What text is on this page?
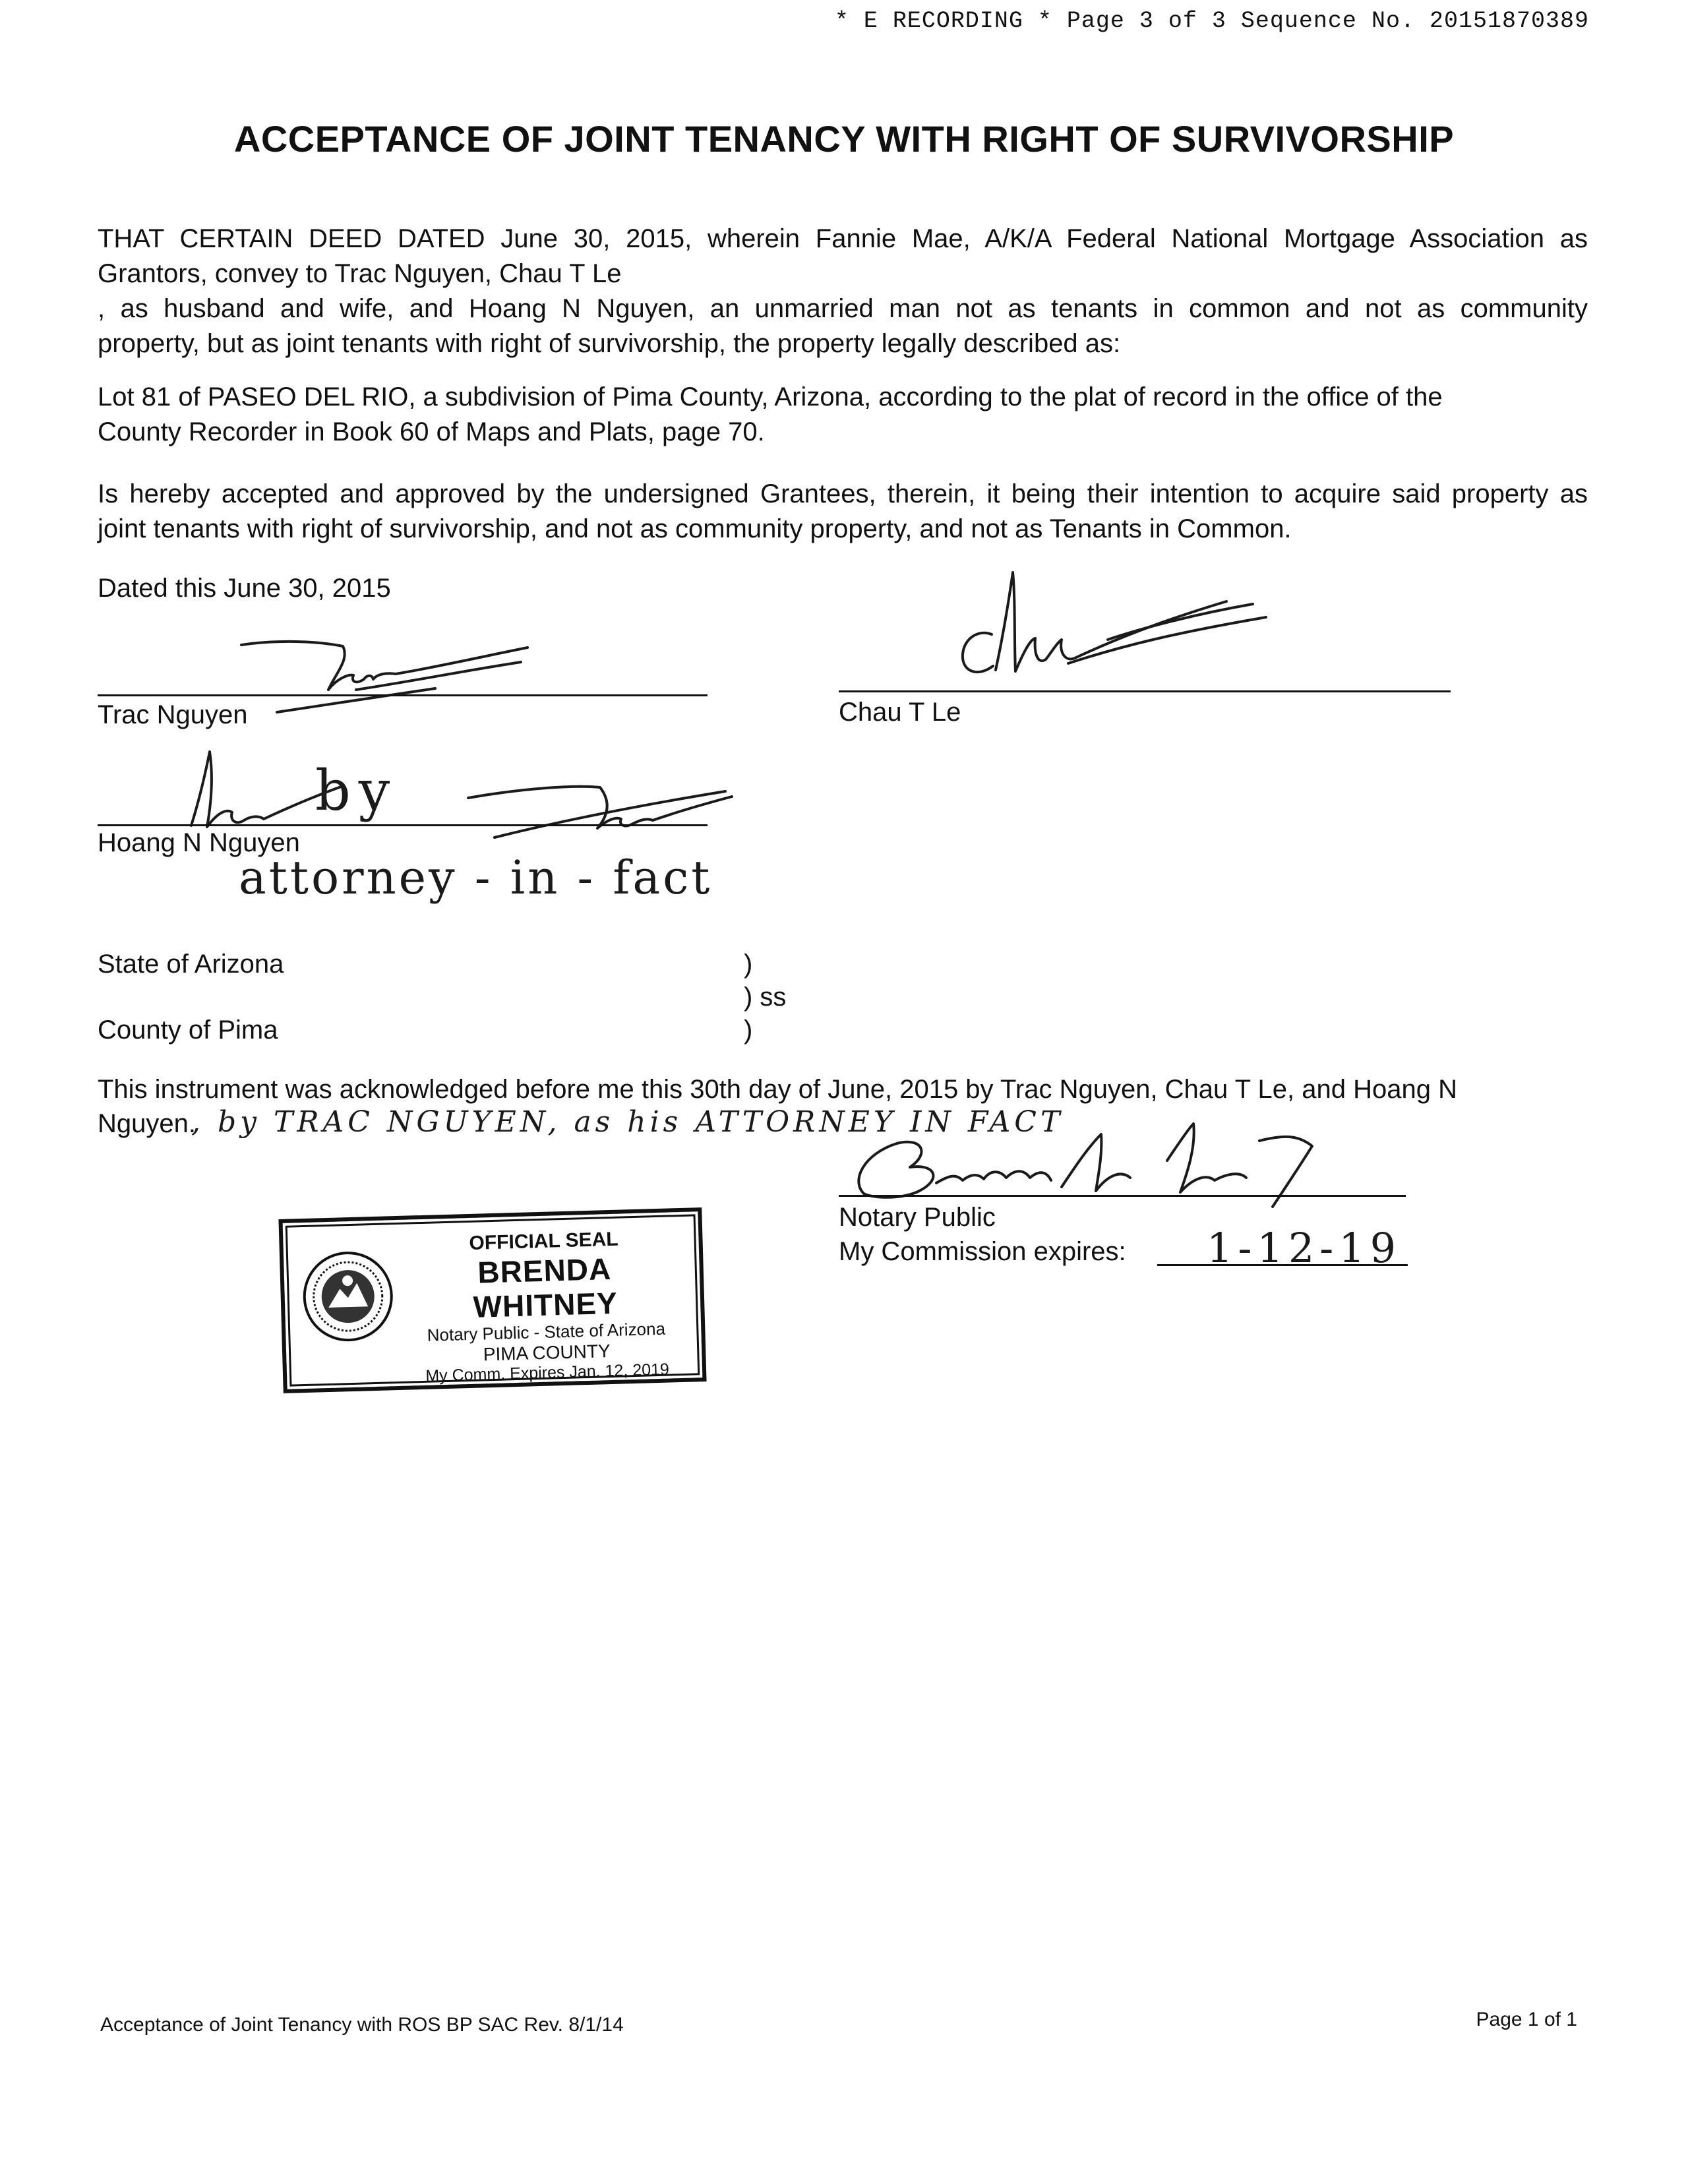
* E RECORDING * Page 3 of 3 Sequence No. 20151870389
ACCEPTANCE OF JOINT TENANCY WITH RIGHT OF SURVIVORSHIP

THAT CERTAIN DEED DATED June 30, 2015, wherein Fannie Mae, A/K/A Federal National Mortgage Association as

Grantors, convey to Trac Nguyen, Chau T Le

, as husband and wife, and Hoang N Nguyen, an unmarried man not as tenants in common and not as community

property, but as joint tenants with right of survivorship, the property legally described as:

Lot 81 of PASEO DEL RIO, a subdivision of Pima County, Arizona, according to the plat of record in the office of the

County Recorder in Book 60 of Maps and Plats, page 70.

Is hereby accepted and approved by the undersigned Grantees, therein, it being their intention to acquire said property as

joint tenants with right of survivorship, and not as community property, and not as Tenants in Common.

Dated this June 30, 2015
Trac Nguyen	Chau T Le
by
Hoang N Nguyen
attorney - in - fact
State of Arizona
County of Pima
)
) ss
)
This instrument was acknowledged before me this 30th day of June, 2015 by Trac Nguyen, Chau T Le, and Hoang N
Nguyen.
, by TRAC NGUYEN, as his ATTORNEY IN FACT
Notary Public
My Commission expires: 1-12-19
OFFICIAL SEAL
BRENDA WHITNEY
Notary Public - State of Arizona
PIMA COUNTY
My Comm. Expires Jan. 12, 2019
Acceptance of Joint Tenancy with ROS BP SAC Rev. 8/1/14	Page 1 of 1
